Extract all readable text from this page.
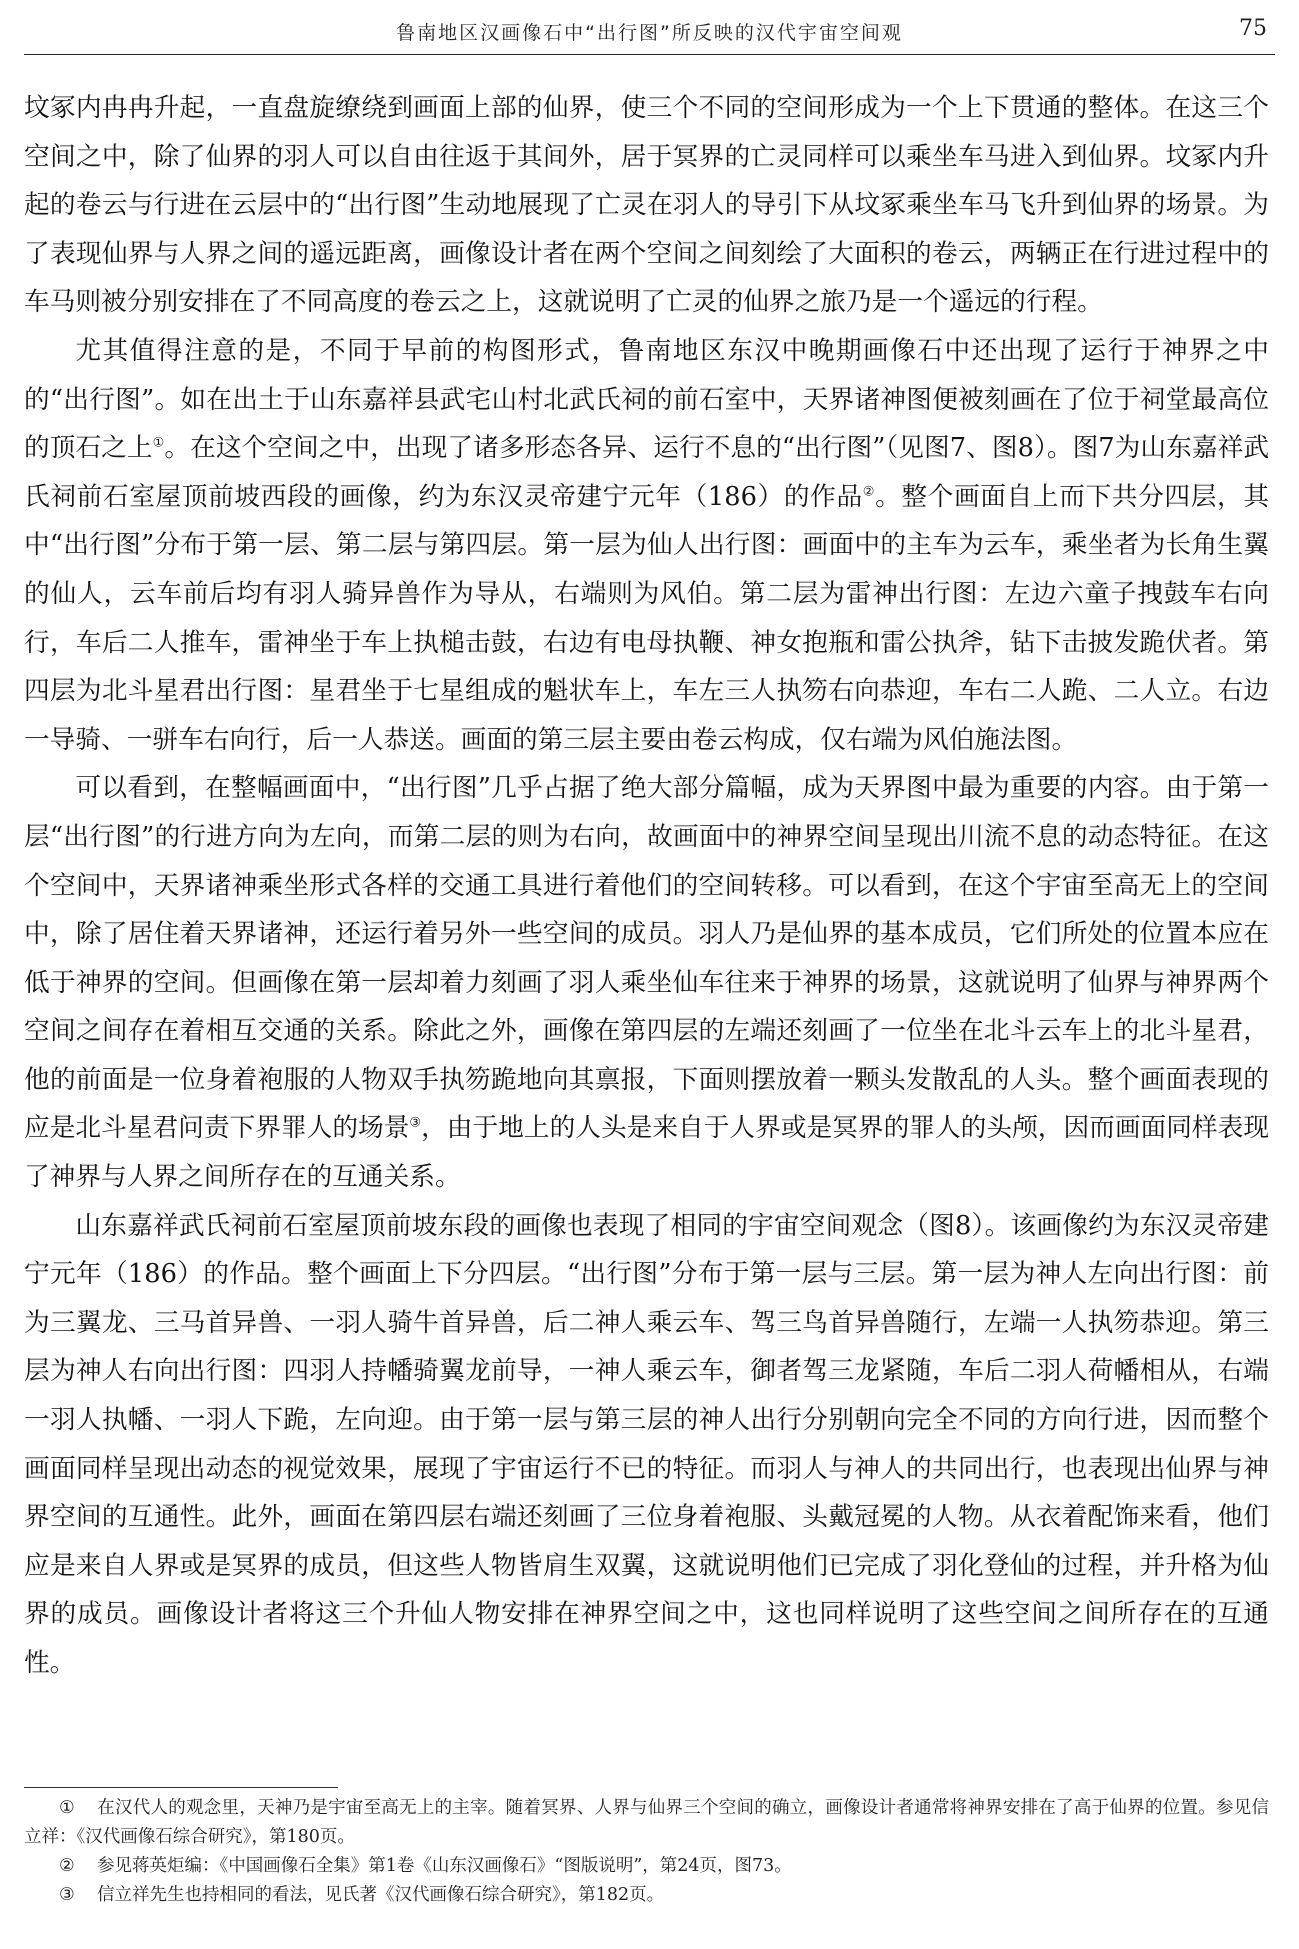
鲁南地区汉画像石中“出行图”所反映的汉代宇宙空间观	75

坟冢内冉冉升起，一直盘旋缭绕到画面上部的仙界，使三个不同的空间形成为一个上下贯通的整体。在这三个空间之中，除了仙界的羽人可以自由往返于其间外，居于冥界的亡灵同样可以乘坐车马进入到仙界。坟冢内升起的卷云与行进在云层中的“出行图”生动地展现了亡灵在羽人的导引下从坟冢乘坐车马飞升到仙界的场景。为了表现仙界与人界之间的遥远距离，画像设计者在两个空间之间刻绘了大面积的卷云，两辆正在行进过程中的车马则被分别安排在了不同高度的卷云之上，这就说明了亡灵的仙界之旅乃是一个遥远的行程。

尤其值得注意的是，不同于早前的构图形式，鲁南地区东汉中晚期画像石中还出现了运行于神界之中的“出行图”。如在出土于山东嘉祥县武宅山村北武氏祠的前石室中，天界诸神图便被刻画在了位于祠堂最高位的顶石之上①。在这个空间之中，出现了诸多形态各异、运行不息的“出行图”（见图7、图8）。图7为山东嘉祥武氏祠前石室屋顶前坡西段的画像，约为东汉灵帝建宁元年（186）的作品②。整个画面自上而下共分四层，其中“出行图”分布于第一层、第二层与第四层。第一层为仙人出行图：画面中的主车为云车，乘坐者为长角生翼的仙人，云车前后均有羽人骑异兽作为导从，右端则为风伯。第二层为雷神出行图：左边六童子拽鼓车右向行，车后二人推车，雷神坐于车上执槌击鼓，右边有电母执鞭、神女抱瓶和雷公执斧，钻下击披发跪伏者。第四层为北斗星君出行图：星君坐于七星组成的魁状车上，车左三人执笏右向恭迎，车右二人跪、二人立。右边一导骑、一骈车右向行，后一人恭送。画面的第三层主要由卷云构成，仅右端为风伯施法图。

可以看到，在整幅画面中，“出行图”几乎占据了绝大部分篇幅，成为天界图中最为重要的内容。由于第一层“出行图”的行进方向为左向，而第二层的则为右向，故画面中的神界空间呈现出川流不息的动态特征。在这个空间中，天界诸神乘坐形式各样的交通工具进行着他们的空间转移。可以看到，在这个宇宙至高无上的空间中，除了居住着天界诸神，还运行着另外一些空间的成员。羽人乃是仙界的基本成员，它们所处的位置本应在低于神界的空间。但画像在第一层却着力刻画了羽人乘坐仙车往来于神界的场景，这就说明了仙界与神界两个空间之间存在着相互交通的关系。除此之外，画像在第四层的左端还刻画了一位坐在北斗云车上的北斗星君，他的前面是一位身着袍服的人物双手执笏跪地向其禀报，下面则摆放着一颗头发散乱的人头。整个画面表现的应是北斗星君问责下界罪人的场景③，由于地上的人头是来自于人界或是冥界的罪人的头颅，因而画面同样表现了神界与人界之间所存在的互通关系。

山东嘉祥武氏祠前石室屋顶前坡东段的画像也表现了相同的宇宙空间观念（图8）。该画像约为东汉灵帝建宁元年（186）的作品。整个画面上下分四层。“出行图”分布于第一层与三层。第一层为神人左向出行图：前为三翼龙、三马首异兽、一羽人骑牛首异兽，后二神人乘云车、驾三鸟首异兽随行，左端一人执笏恭迎。第三层为神人右向出行图：四羽人持幡骑翼龙前导，一神人乘云车，御者驾三龙紧随，车后二羽人荷幡相从，右端一羽人执幡、一羽人下跪，左向迎。由于第一层与第三层的神人出行分别朝向完全不同的方向行进，因而整个画面同样呈现出动态的视觉效果，展现了宇宙运行不已的特征。而羽人与神人的共同出行，也表现出仙界与神界空间的互通性。此外，画面在第四层右端还刻画了三位身着袍服、头戴冠冕的人物。从衣着配饰来看，他们应是来自人界或是冥界的成员，但这些人物皆肩生双翼，这就说明他们已完成了羽化登仙的过程，并升格为仙界的成员。画像设计者将这三个升仙人物安排在神界空间之中，这也同样说明了这些空间之间所存在的互通性。

① 在汉代人的观念里，天神乃是宇宙至高无上的主宰。随着冥界、人界与仙界三个空间的确立，画像设计者通常将神界安排在了高于仙界的位置。参见信立祥：《汉代画像石综合研究》，第180页。

② 参见蒋英炬编：《中国画像石全集》第1卷《山东汉画像石》“图版说明”，第24页，图73。

③ 信立祥先生也持相同的看法，见氏著《汉代画像石综合研究》，第182页。
